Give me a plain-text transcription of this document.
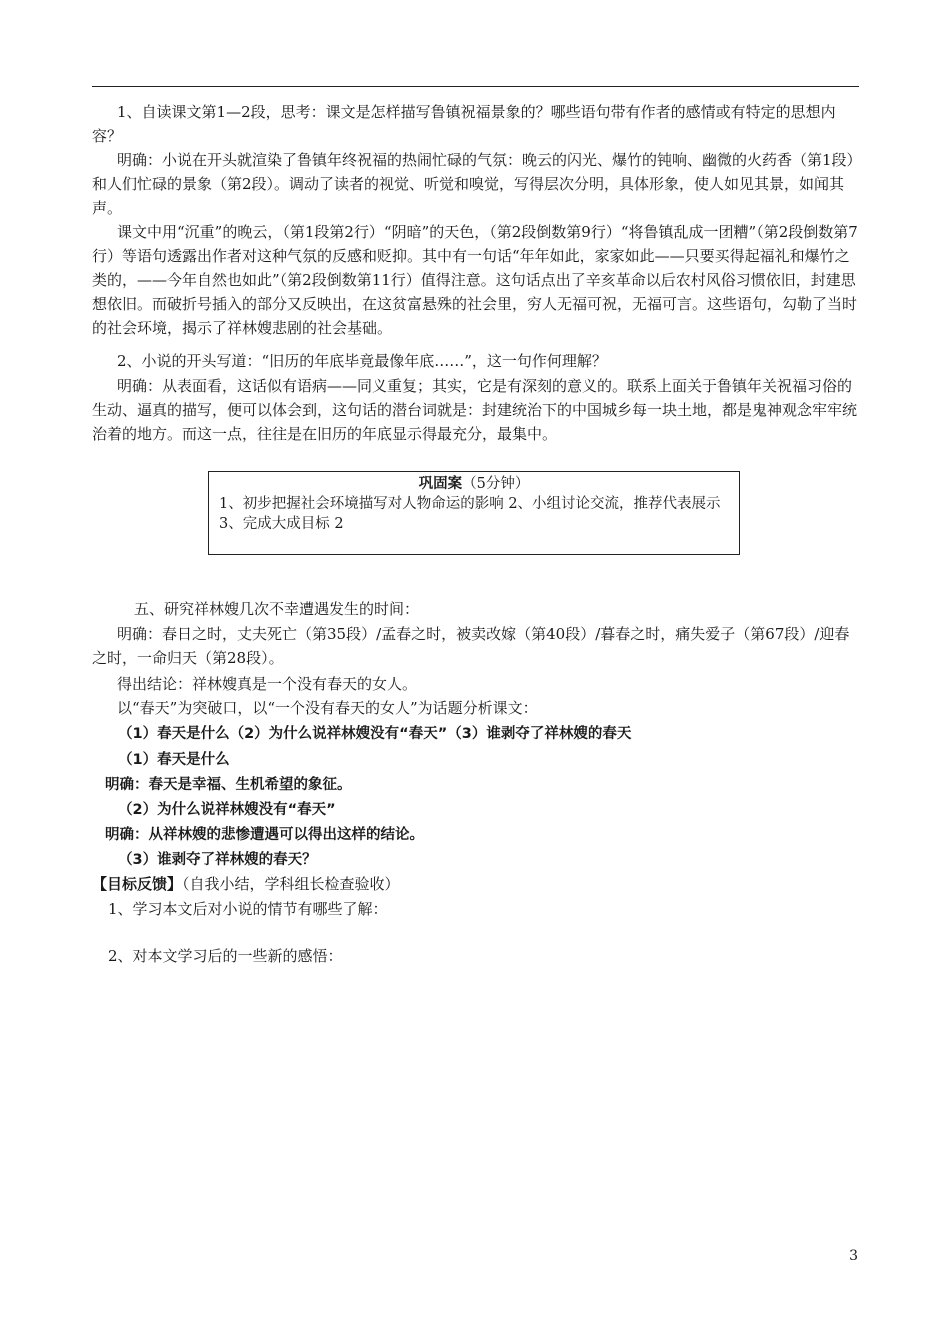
1、自读课文第1—2段，思考：课文是怎样描写鲁镇祝福景象的？哪些语句带有作者的感情或有特定的思想内容？

明确：小说在开头就渲染了鲁镇年终祝福的热闹忙碌的气氛：晚云的闪光、爆竹的钝响、幽微的火药香（第1段）和人们忙碌的景象（第2段）。调动了读者的视觉、听觉和嗅觉，写得层次分明，具体形象，使人如见其景，如闻其声。

课文中用“沉重”的晚云，（第1段第2行）“阴暗”的天色，（第2段倒数第9行）“将鲁镇乱成一团糟”（第2段倒数第7行）等语句透露出作者对这种气氛的反感和贬抑。其中有一句话“年年如此，家家如此——只要买得起福礼和爆竹之类的，——今年自然也如此”（第2段倒数第11行）值得注意。这句话点出了辛亥革命以后农村风俗习惯依旧，封建思想依旧。而破折号插入的部分又反映出，在这贫富悬殊的社会里，穷人无福可祝，无福可言。这些语句，勾勒了当时的社会环境，揭示了祥林嫂悲剧的社会基础。

2、小说的开头写道：“旧历的年底毕竟最像年底……”，这一句作何理解？

明确：从表面看，这话似有语病——同义重复；其实，它是有深刻的意义的。联系上面关于鲁镇年关祝福习俗的生动、逼真的描写，便可以体会到，这句话的潜台词就是：封建统治下的中国城乡每一块土地，都是鬼神观念牢牢统治着的地方。而这一点，往往是在旧历的年底显示得最充分，最集中。

巩固案（5分钟）
1、初步把握社会环境描写对人物命运的影响 2、小组讨论交流，推荐代表展示 3、完成大成目标 2

五、研究祥林嫂几次不幸遭遇发生的时间：

明确：春日之时，丈夫死亡（第35段）/孟春之时，被卖改嫁（第40段）/暮春之时，痛失爱子（第67段）/迎春之时，一命归天（第28段）。

得出结论：祥林嫂真是一个没有春天的女人。

以“春天”为突破口，以“一个没有春天的女人”为话题分析课文：

（1）春天是什么（2）为什么说祥林嫂没有“春天”（3）谁剥夺了祥林嫂的春天

（1）春天是什么

明确：春天是幸福、生机希望的象征。

（2）为什么说祥林嫂没有“春天”

明确：从祥林嫂的悲惨遭遇可以得出这样的结论。

（3）谁剥夺了祥林嫂的春天？

【目标反馈】（自我小结，学科组长检查验收）

1、学习本文后对小说的情节有哪些了解：

2、对本文学习后的一些新的感悟：

3
